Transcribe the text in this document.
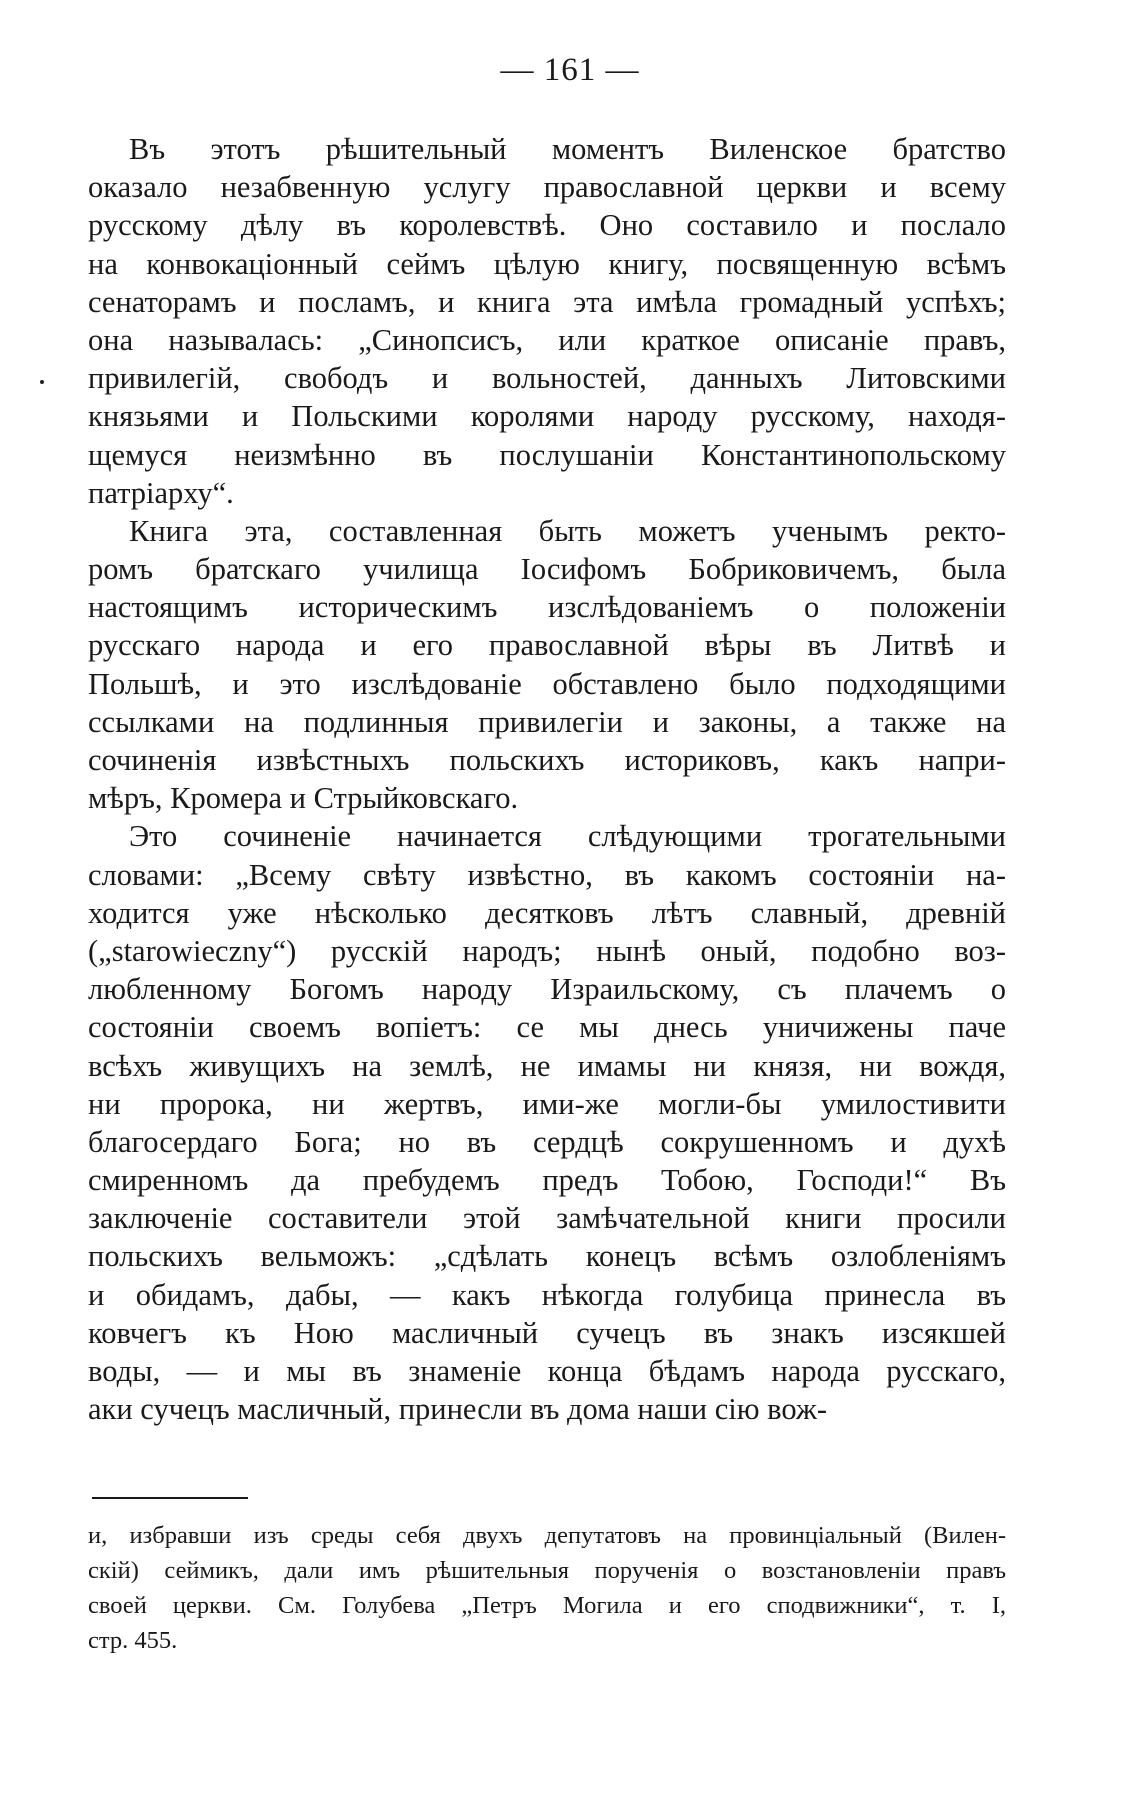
— 161 —
Въ этотъ рѣшительный моментъ Виленское братство
оказало незабвенную услугу православной церкви и всему
русскому дѣлу въ королевствѣ. Оно составило и послало
на конвокаціонный сеймъ цѣлую книгу, посвященную всѣмъ
сенаторамъ и посламъ, и книга эта имѣла громадный успѣхъ;
она называлась: „Синопсисъ, или краткое описаніе правъ,
привилегій, свободъ и вольностей, данныхъ Литовскими
князьями и Польскими королями народу русскому, находя-
щемуся неизмѣнно въ послушаніи Константинопольскому
патріарху“.
Книга эта, составленная быть можетъ ученымъ ректо-
ромъ братскаго училища Іосифомъ Бобриковичемъ, была
настоящимъ историческимъ изслѣдованіемъ о положеніи
русскаго народа и его православной вѣры въ Литвѣ и
Польшѣ, и это изслѣдованіе обставлено было подходящими
ссылками на подлинныя привилегіи и законы, а также на
сочиненія извѣстныхъ польскихъ историковъ, какъ напри-
мѣръ, Кромера и Стрыйковскаго.
Это сочиненіе начинается слѣдующими трогательными
словами: „Всему свѣту извѣстно, въ какомъ состояніи на-
ходится уже нѣсколько десятковъ лѣтъ славный, древній
(„starowieczny“) русскій народъ; нынѣ оный, подобно воз-
любленному Богомъ народу Израильскому, съ плачемъ о
состояніи своемъ вопіетъ: се мы днесь уничижены паче
всѣхъ живущихъ на землѣ, не имамы ни князя, ни вождя,
ни пророка, ни жертвъ, ими-же могли-бы умилостивити
благосердаго Бога; но въ сердцѣ сокрушенномъ и духѣ
смиренномъ да пребудемъ предъ Тобою, Господи!“ Въ
заключеніе составители этой замѣчательной книги просили
польскихъ вельможъ: „сдѣлать конецъ всѣмъ озлобленіямъ
и обидамъ, дабы, — какъ нѣкогда голубица принесла въ
ковчегъ къ Ною масличный сучецъ въ знакъ изсякшей
воды, — и мы въ знаменіе конца бѣдамъ народа русскаго,
аки сучецъ масличный, принесли въ дома наши сію вож-
и, избравши изъ среды себя двухъ депутатовъ на провинціальный (Вилен-
скій) сеймикъ, дали имъ рѣшительныя порученія о возстановленіи правъ
своей церкви. См. Голубева „Петръ Могила и его сподвижники“, т. I,
стр. 455.
